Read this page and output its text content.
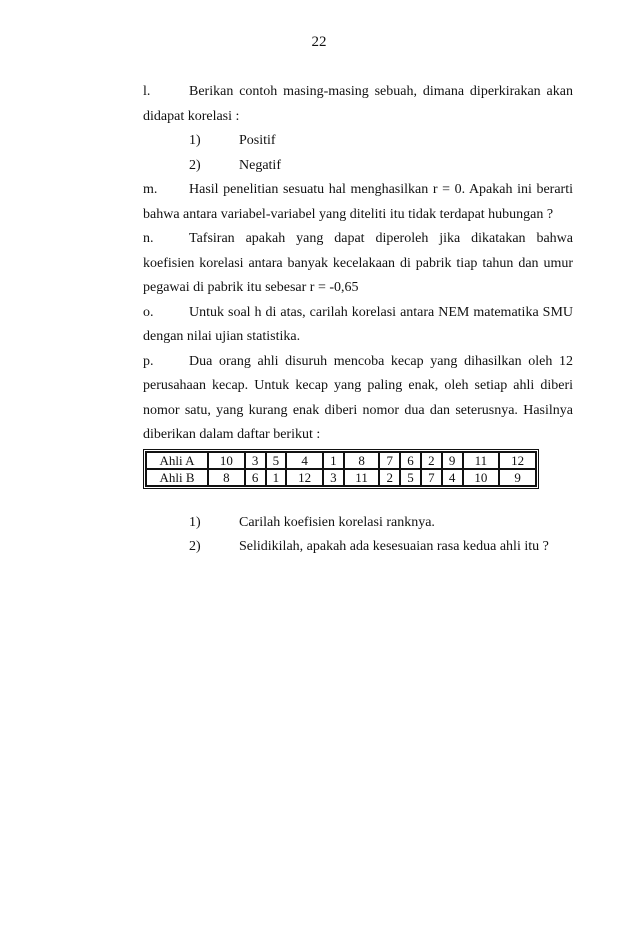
22

l.	Berikan contoh masing-masing sebuah, dimana diperkirakan akan didapat korelasi :

1)	Positif
2)	Negatif

m. Hasil penelitian sesuatu hal menghasilkan r = 0. Apakah ini berarti bahwa antara variabel-variabel yang diteliti itu tidak terdapat hubungan ?

n.	Tafsiran apakah yang dapat diperoleh jika dikatakan bahwa koefisien korelasi antara banyak kecelakaan di pabrik tiap tahun dan umur pegawai di pabrik itu sebesar r = -0,65

o.	Untuk soal h di atas, carilah korelasi antara NEM matematika SMU dengan nilai ujian statistika.

p.	Dua orang ahli disuruh mencoba kecap yang dihasilkan oleh 12 perusahaan kecap. Untuk kecap yang paling enak, oleh setiap ahli diberi nomor satu, yang kurang enak diberi nomor dua dan seterusnya. Hasilnya diberikan dalam daftar berikut :

Ahli A	10	3	5	4	1	8	7	6	2	9	11	12
Ahli B	8	6	1	12	3	11	2	5	7	4	10	9
1)	Carilah koefisien korelasi ranknya.
2)	Selidikilah, apakah ada kesesuaian rasa kedua ahli itu ?
